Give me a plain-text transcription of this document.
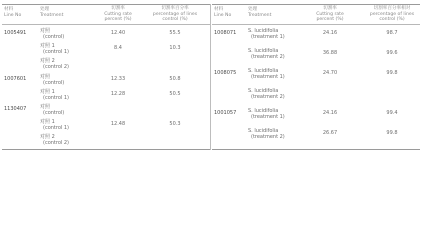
材料
Line No
处理
Treatment
切割率
Cutting rate
percent (%)
切割率百分率
percentage of lines
control (%)
1005491	对照
(control)
12.40	55.5
对照 1
(control 1)
8.4	10.3
对照 2
(control 2)
1007601	对照
(control)
12.33	50.8
对照 1
(control 1)
12.28	50.5
1130407	对照
(control)
对照 1
(control 1)
12.48	50.3
对照 2
(control 2)
材料
Line No
处理
Treatment
切割率
Cutting rate
percent (%)
切割率百分率相对
percentage of lines
control (%)
1008071 S. lucidifolia
(treatment 1)
24.16	98.7
S. lucidifolia
(treatment 2)
36.88	99.6
1008075 S. lucidifolia
(treatment 1)
24.70	99.8
S. lucidifolia
(treatment 2)
1001057 S. lucidifolia
(treatment 1)
24.16	99.4
S. lucidifolia
(treatment 2)
26.67	99.8
